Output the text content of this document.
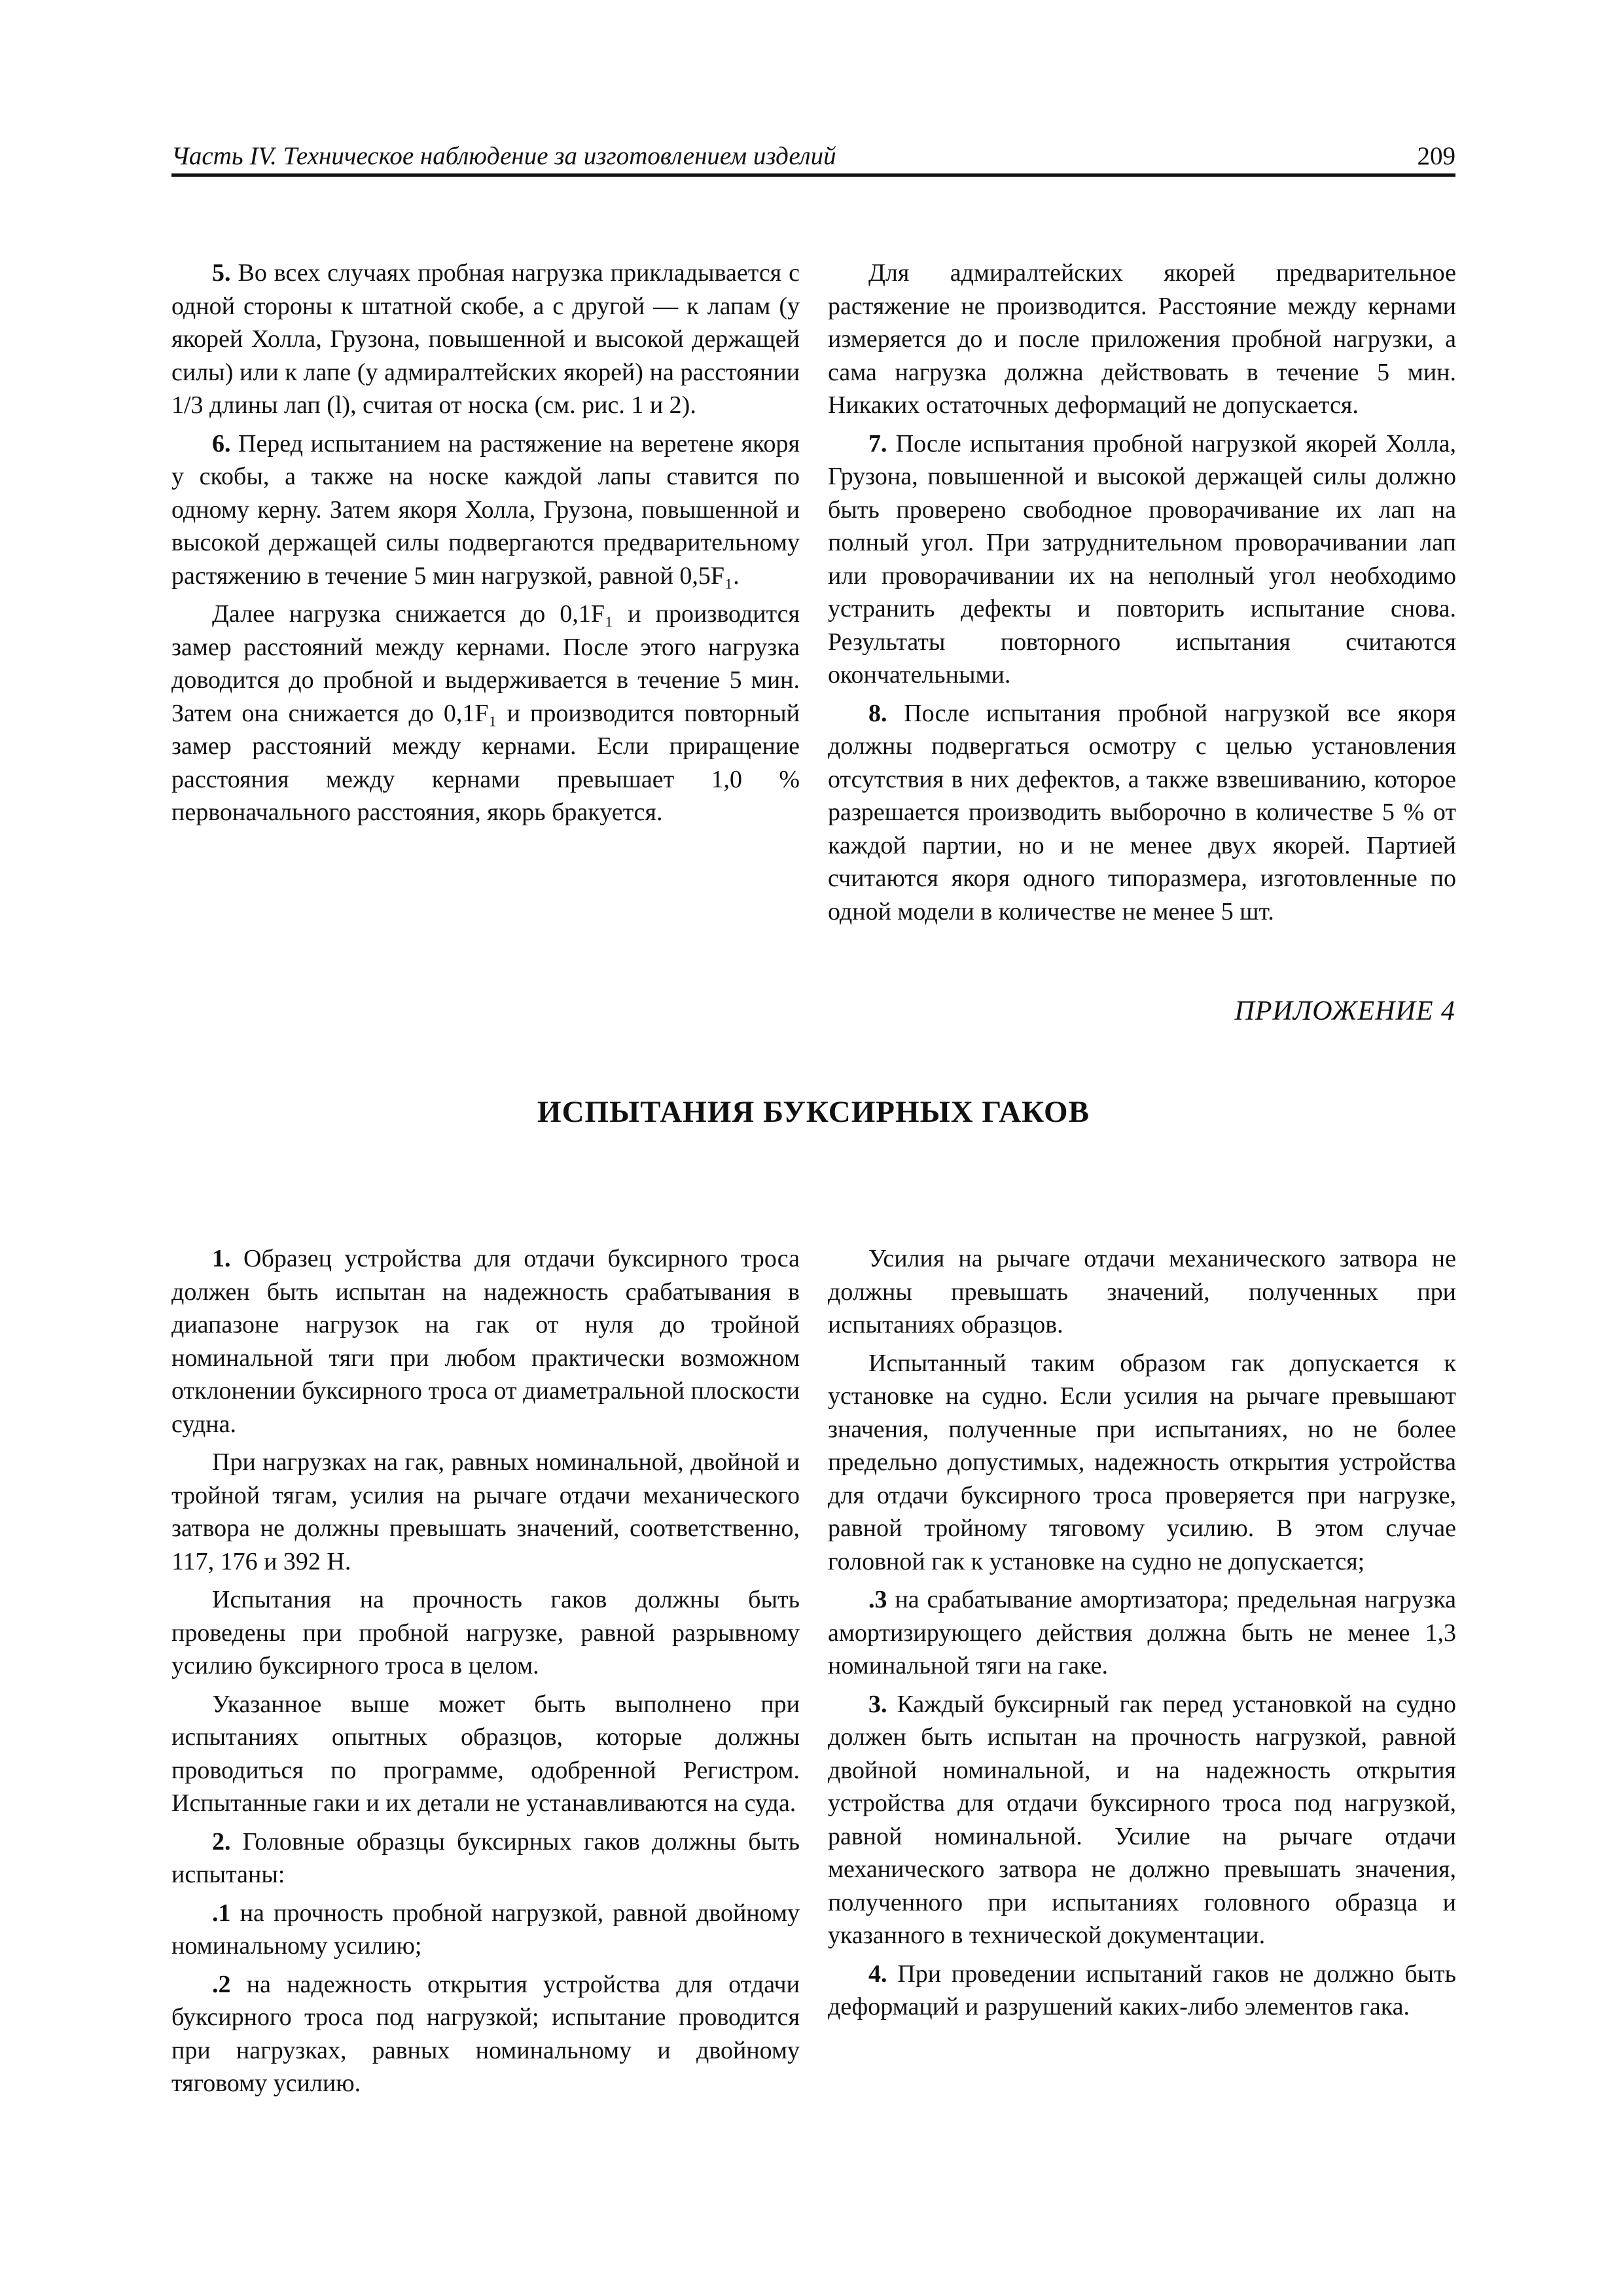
Часть IV. Техническое наблюдение за изготовлением изделий	209

5. Во всех случаях пробная нагрузка прикладывается с одной стороны к штатной скобе, а с другой — к лапам (у якорей Холла, Грузона, повышенной и высокой держащей силы) или к лапе (у адмиралтейских якорей) на расстоянии 1/3 длины лап (l), считая от носка (см. рис. 1 и 2).

6. Перед испытанием на растяжение на веретене якоря у скобы, а также на носке каждой лапы ставится по одному керну. Затем якоря Холла, Грузона, повышенной и высокой держащей силы подвергаются предварительному растяжению в течение 5 мин нагрузкой, равной 0,5F₁.

Далее нагрузка снижается до 0,1F₁ и производится замер расстояний между кернами. После этого нагрузка доводится до пробной и выдерживается в течение 5 мин. Затем она снижается до 0,1F₁ и производится повторный замер расстояний между кернами. Если приращение расстояния между кернами превышает 1,0 % первоначального расстояния, якорь бракуется.

Для адмиралтейских якорей предварительное растяжение не производится. Расстояние между кернами измеряется до и после приложения пробной нагрузки, а сама нагрузка должна действовать в течение 5 мин. Никаких остаточных деформаций не допускается.

7. После испытания пробной нагрузкой якорей Холла, Грузона, повышенной и высокой держащей силы должно быть проверено свободное проворачивание их лап на полный угол. При затруднительном проворачивании лап или проворачивании их на неполный угол необходимо устранить дефекты и повторить испытание снова. Результаты повторного испытания считаются окончательными.

8. После испытания пробной нагрузкой все якоря должны подвергаться осмотру с целью установления отсутствия в них дефектов, а также взвешиванию, которое разрешается производить выборочно в количестве 5 % от каждой партии, но и не менее двух якорей. Партией считаются якоря одного типоразмера, изготовленные по одной модели в количестве не менее 5 шт.

ПРИЛОЖЕНИЕ 4
ИСПЫТАНИЯ БУКСИРНЫХ ГАКОВ

1. Образец устройства для отдачи буксирного троса должен быть испытан на надежность срабатывания в диапазоне нагрузок на гак от нуля до тройной номинальной тяги при любом практически возможном отклонении буксирного троса от диаметральной плоскости судна.

При нагрузках на гак, равных номинальной, двойной и тройной тягам, усилия на рычаге отдачи механического затвора не должны превышать значений, соответственно, 117, 176 и 392 Н.

Испытания на прочность гаков должны быть проведены при пробной нагрузке, равной разрывному усилию буксирного троса в целом.

Указанное выше может быть выполнено при испытаниях опытных образцов, которые должны проводиться по программе, одобренной Регистром. Испытанные гаки и их детали не устанавливаются на суда.

2. Головные образцы буксирных гаков должны быть испытаны:

.1 на прочность пробной нагрузкой, равной двойному номинальному усилию;

.2 на надежность открытия устройства для отдачи буксирного троса под нагрузкой; испытание проводится при нагрузках, равных номинальному и двойному тяговому усилию.

Усилия на рычаге отдачи механического затвора не должны превышать значений, полученных при испытаниях образцов.

Испытанный таким образом гак допускается к установке на судно. Если усилия на рычаге превышают значения, полученные при испытаниях, но не более предельно допустимых, надежность открытия устройства для отдачи буксирного троса проверяется при нагрузке, равной тройному тяговому усилию. В этом случае головной гак к установке на судно не допускается;

.3 на срабатывание амортизатора; предельная нагрузка амортизирующего действия должна быть не менее 1,3 номинальной тяги на гаке.

3. Каждый буксирный гак перед установкой на судно должен быть испытан на прочность нагрузкой, равной двойной номинальной, и на надежность открытия устройства для отдачи буксирного троса под нагрузкой, равной номинальной. Усилие на рычаге отдачи механического затвора не должно превышать значения, полученного при испытаниях головного образца и указанного в технической документации.

4. При проведении испытаний гаков не должно быть деформаций и разрушений каких-либо элементов гака.
